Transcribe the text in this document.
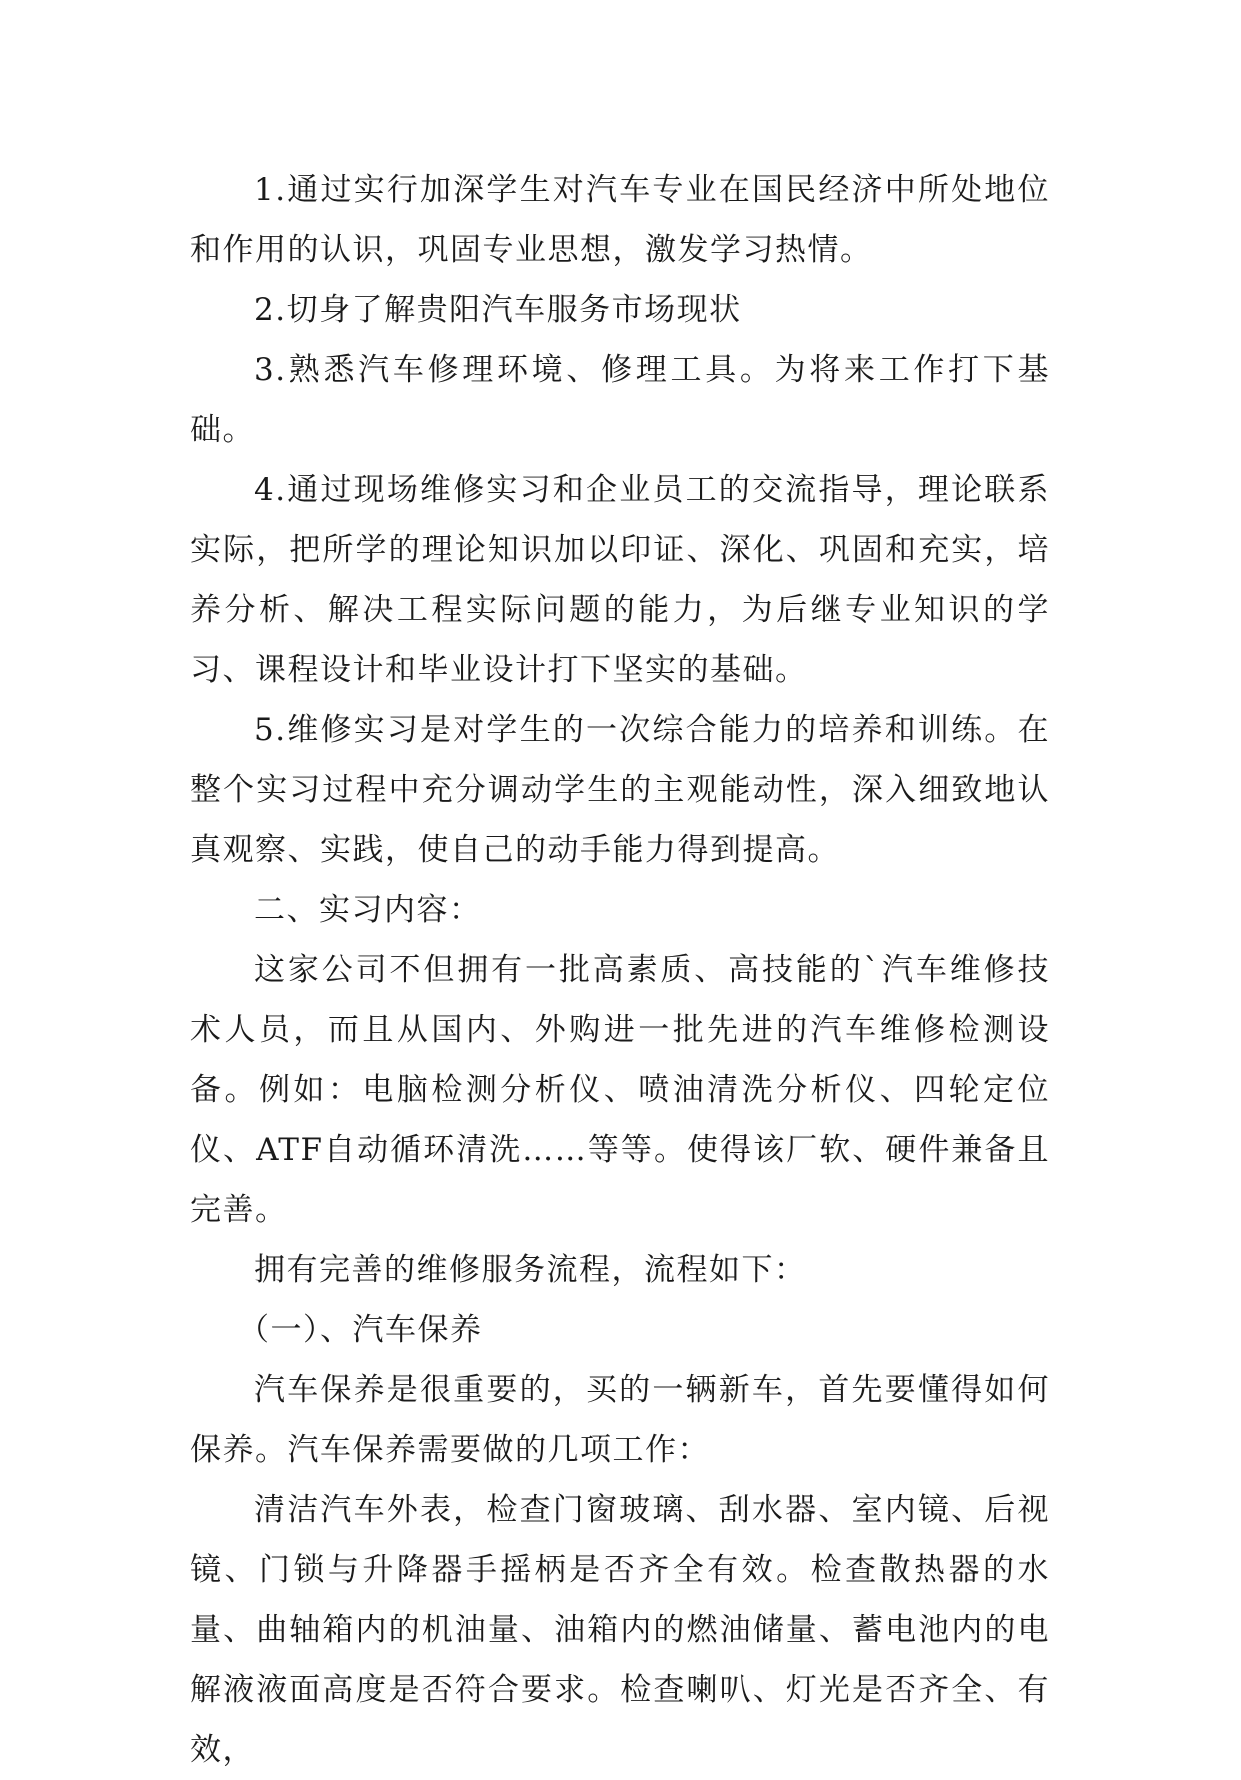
1.通过实行加深学生对汽车专业在国民经济中所处地位和作用的认识，巩固专业思想，激发学习热情。

2.切身了解贵阳汽车服务市场现状

3.熟悉汽车修理环境、修理工具。为将来工作打下基础。

4.通过现场维修实习和企业员工的交流指导，理论联系实际，把所学的理论知识加以印证、深化、巩固和充实，培养分析、解决工程实际问题的能力，为后继专业知识的学习、课程设计和毕业设计打下坚实的基础。

5.维修实习是对学生的一次综合能力的培养和训练。在整个实习过程中充分调动学生的主观能动性，深入细致地认真观察、实践，使自己的动手能力得到提高。

二、实习内容：

这家公司不但拥有一批高素质、高技能的`汽车维修技术人员，而且从国内、外购进一批先进的汽车维修检测设备。例如：电脑检测分析仪、喷油清洗分析仪、四轮定位仪、ATF自动循环清洗……等等。使得该厂软、硬件兼备且完善。

拥有完善的维修服务流程，流程如下：

（一）、汽车保养

汽车保养是很重要的，买的一辆新车，首先要懂得如何保养。汽车保养需要做的几项工作：

清洁汽车外表，检查门窗玻璃、刮水器、室内镜、后视镜、门锁与升降器手摇柄是否齐全有效。检查散热器的水量、曲轴箱内的机油量、油箱内的燃油储量、蓄电池内的电解液液面高度是否符合要求。检查喇叭、灯光是否齐全、有效，
